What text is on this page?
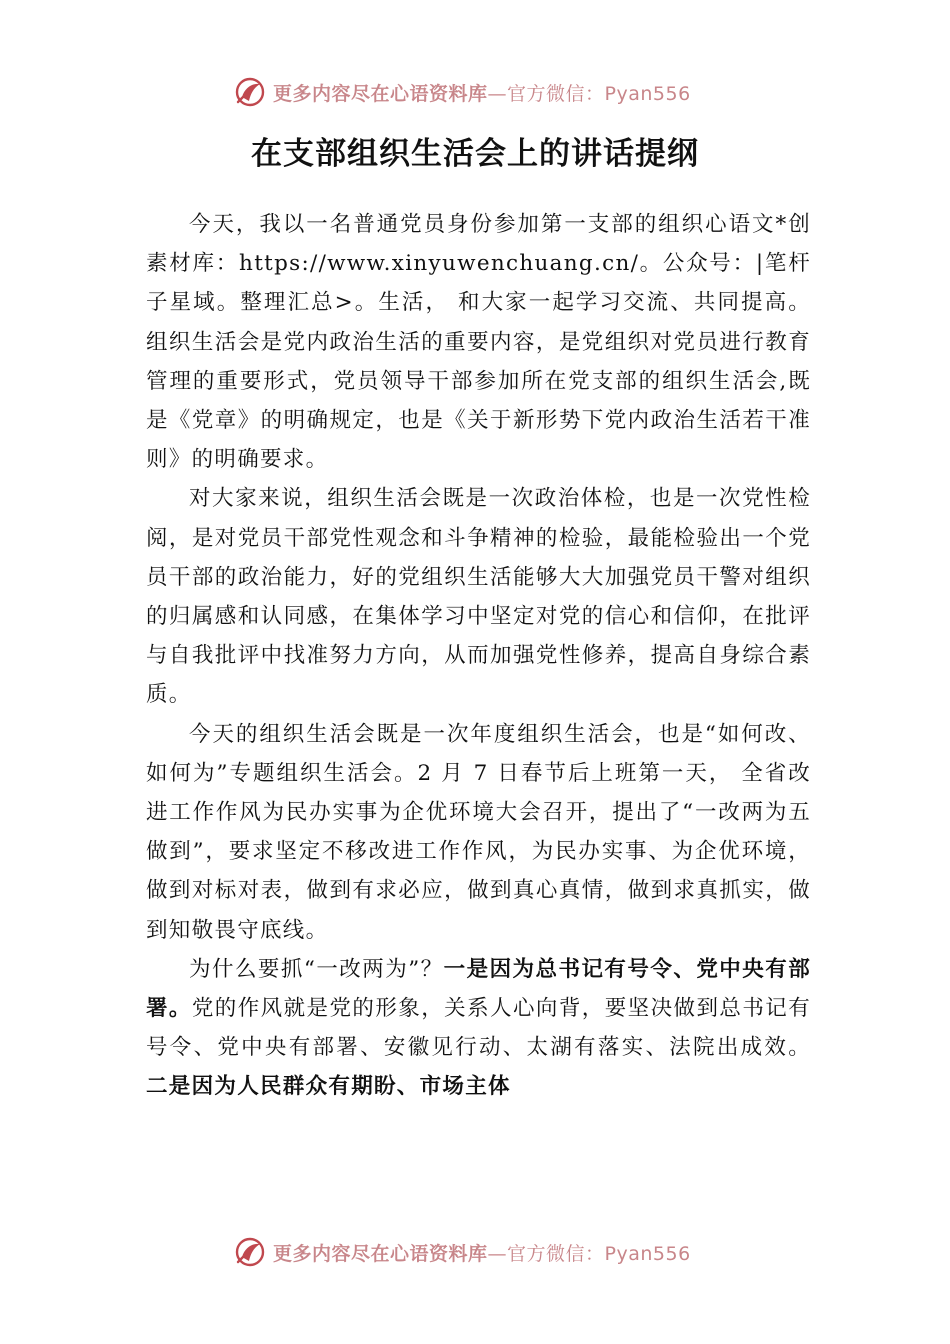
更多内容尽在心语资料库—官方微信：Pyan556
在支部组织生活会上的讲话提纲

今天，我以一名普通党员身份参加第一支部的组织心语文*创素材库：https://www.xinyuwenchuang.cn/。公众号：|笔杆子星域。整理汇总>。生活， 和大家一起学习交流、共同提高。组织生活会是党内政治生活的重要内容，是党组织对党员进行教育管理的重要形式，党员领导干部参加所在党支部的组织生活会,既是《党章》的明确规定，也是《关于新形势下党内政治生活若干准则》的明确要求。

对大家来说，组织生活会既是一次政治体检，也是一次党性检阅，是对党员干部党性观念和斗争精神的检验，最能检验出一个党员干部的政治能力，好的党组织生活能够大大加强党员干警对组织的归属感和认同感，在集体学习中坚定对党的信心和信仰，在批评与自我批评中找准努力方向，从而加强党性修养，提高自身综合素质。

今天的组织生活会既是一次年度组织生活会，也是“如何改、如何为”专题组织生活会。2 月 7 日春节后上班第一天， 全省改进工作作风为民办实事为企优环境大会召开，提出了“一改两为五做到”，要求坚定不移改进工作作风，为民办实事、为企优环境，做到对标对表，做到有求必应，做到真心真情，做到求真抓实，做到知敬畏守底线。

为什么要抓“一改两为”？一是因为总书记有号令、党中央有部署。党的作风就是党的形象，关系人心向背，要坚决做到总书记有号令、党中央有部署、安徽见行动、太湖有落实、法院出成效。 二是因为人民群众有期盼、市场主体

更多内容尽在心语资料库—官方微信：Pyan556
